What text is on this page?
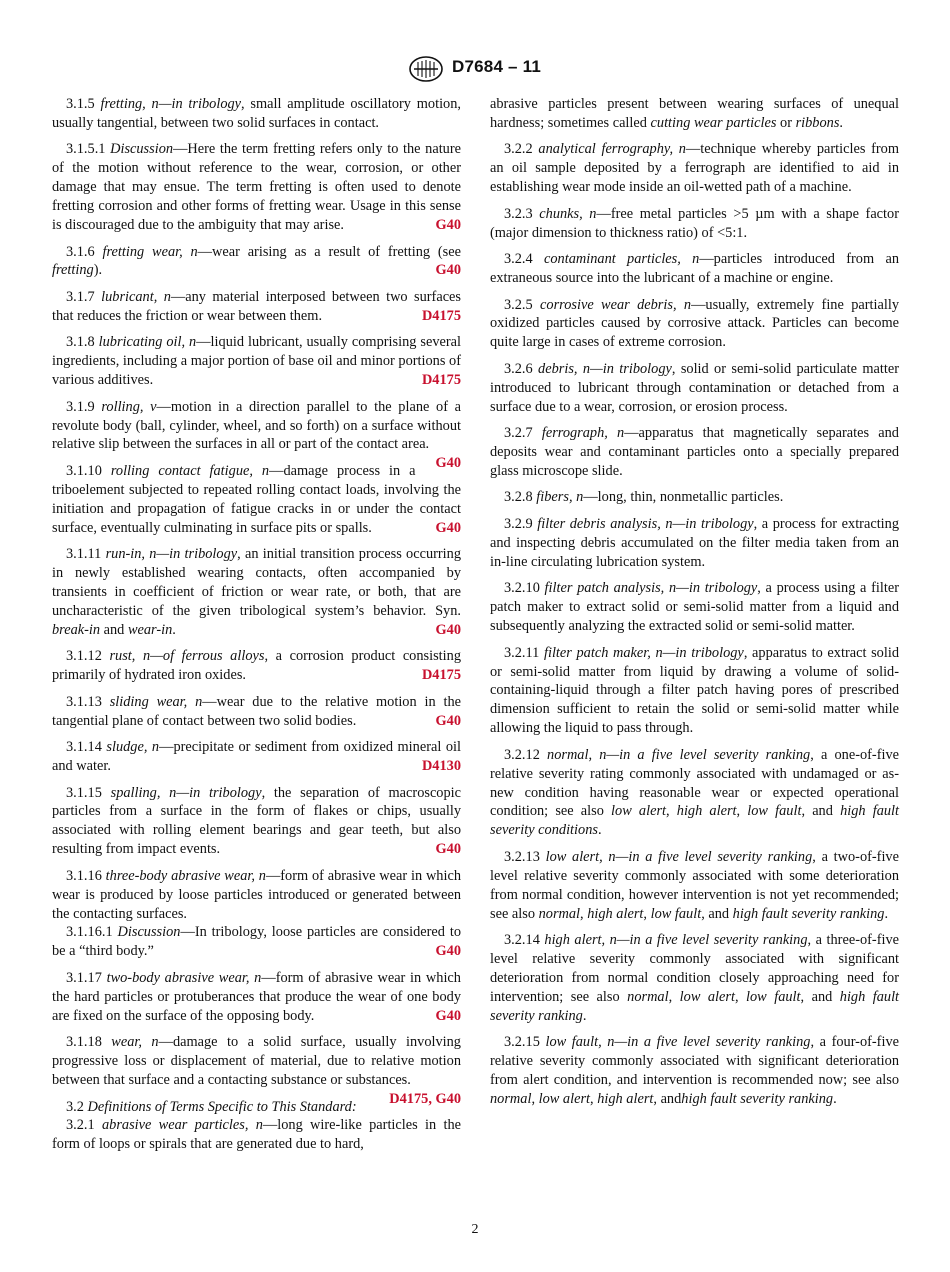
D7684 – 11

3.1.5 fretting, n—in tribology, small amplitude oscillatory motion, usually tangential, between two solid surfaces in contact.

3.1.5.1 Discussion—Here the term fretting refers only to the nature of the motion without reference to the wear, corrosion, or other damage that may ensue. The term fretting is often used to denote fretting corrosion and other forms of fretting wear. Usage in this sense is discouraged due to the ambiguity that may arise.	G40

3.1.6 fretting wear, n—wear arising as a result of fretting (see fretting).	G40

3.1.7 lubricant, n—any material interposed between two surfaces that reduces the friction or wear between them.	D4175

3.1.8 lubricating oil, n—liquid lubricant, usually comprising several ingredients, including a major portion of base oil and minor portions of various additives.	D4175

3.1.9 rolling, v—motion in a direction parallel to the plane of a revolute body (ball, cylinder, wheel, and so forth) on a surface without relative slip between the surfaces in all or part of the contact area.
G40

3.1.10 rolling contact fatigue, n—damage process in a triboelement subjected to repeated rolling contact loads, involving the initiation and propagation of fatigue cracks in or under the contact surface, eventually culminating in surface pits or spalls.	G40

3.1.11 run-in, n—in tribology, an initial transition process occurring in newly established wearing contacts, often accompanied by transients in coefficient of friction or wear rate, or both, that are uncharacteristic of the given tribological system’s behavior. Syn. break-in and wear-in.	G40

3.1.12 rust, n—of ferrous alloys, a corrosion product consisting primarily of hydrated iron oxides.	D4175

3.1.13 sliding wear, n—wear due to the relative motion in the tangential plane of contact between two solid bodies.	G40

3.1.14 sludge, n—precipitate or sediment from oxidized mineral oil and water.	D4130

3.1.15 spalling, n—in tribology, the separation of macroscopic particles from a surface in the form of flakes or chips, usually associated with rolling element bearings and gear teeth, but also resulting from impact events.	G40

3.1.16 three-body abrasive wear, n—form of abrasive wear in which wear is produced by loose particles introduced or generated between the contacting surfaces.

3.1.16.1 Discussion—In tribology, loose particles are considered to be a “third body.”	G40

3.1.17 two-body abrasive wear, n—form of abrasive wear in which the hard particles or protuberances that produce the wear of one body are fixed on the surface of the opposing body.	G40

3.1.18 wear, n—damage to a solid surface, usually involving progressive loss or displacement of material, due to relative motion between that surface and a contacting substance or substances.
D4175, G40

3.2 Definitions of Terms Specific to This Standard:

3.2.1 abrasive wear particles, n—long wire-like particles in the form of loops or spirals that are generated due to hard,

abrasive particles present between wearing surfaces of unequal hardness; sometimes called cutting wear particles or ribbons.

3.2.2 analytical ferrography, n—technique whereby particles from an oil sample deposited by a ferrograph are identified to aid in establishing wear mode inside an oil-wetted path of a machine.

3.2.3 chunks, n—free metal particles >5 µm with a shape factor (major dimension to thickness ratio) of <5:1.

3.2.4 contaminant particles, n—particles introduced from an extraneous source into the lubricant of a machine or engine.

3.2.5 corrosive wear debris, n—usually, extremely fine partially oxidized particles caused by corrosive attack. Particles can become quite large in cases of extreme corrosion.

3.2.6 debris, n—in tribology, solid or semi-solid particulate matter introduced to lubricant through contamination or detached from a surface due to a wear, corrosion, or erosion process.

3.2.7 ferrograph, n—apparatus that magnetically separates and deposits wear and contaminant particles onto a specially prepared glass microscope slide.

3.2.8 fibers, n—long, thin, nonmetallic particles.

3.2.9 filter debris analysis, n—in tribology, a process for extracting and inspecting debris accumulated on the filter media taken from an in-line circulating lubrication system.

3.2.10 filter patch analysis, n—in tribology, a process using a filter patch maker to extract solid or semi-solid matter from a liquid and subsequently analyzing the extracted solid or semi-solid matter.

3.2.11 filter patch maker, n—in tribology, apparatus to extract solid or semi-solid matter from liquid by drawing a volume of solid-containing-liquid through a filter patch having pores of prescribed dimension sufficient to retain the solid or semi-solid matter while allowing the liquid to pass through.

3.2.12 normal, n—in a five level severity ranking, a one-of-five relative severity rating commonly associated with undamaged or as-new condition having reasonable wear or expected operational condition; see also low alert, high alert, low fault, and high fault severity conditions.

3.2.13 low alert, n—in a five level severity ranking, a two-of-five level relative severity commonly associated with some deterioration from normal condition, however intervention is not yet recommended; see also normal, high alert, low fault, and high fault severity ranking.

3.2.14 high alert, n—in a five level severity ranking, a three-of-five level relative severity commonly associated with significant deterioration from normal condition closely approaching need for intervention; see also normal, low alert, low fault, and high fault severity ranking.

3.2.15 low fault, n—in a five level severity ranking, a four-of-five relative severity commonly associated with significant deterioration from alert condition, and intervention is recommended now; see also normal, low alert, high alert, andhigh fault severity ranking.

2
